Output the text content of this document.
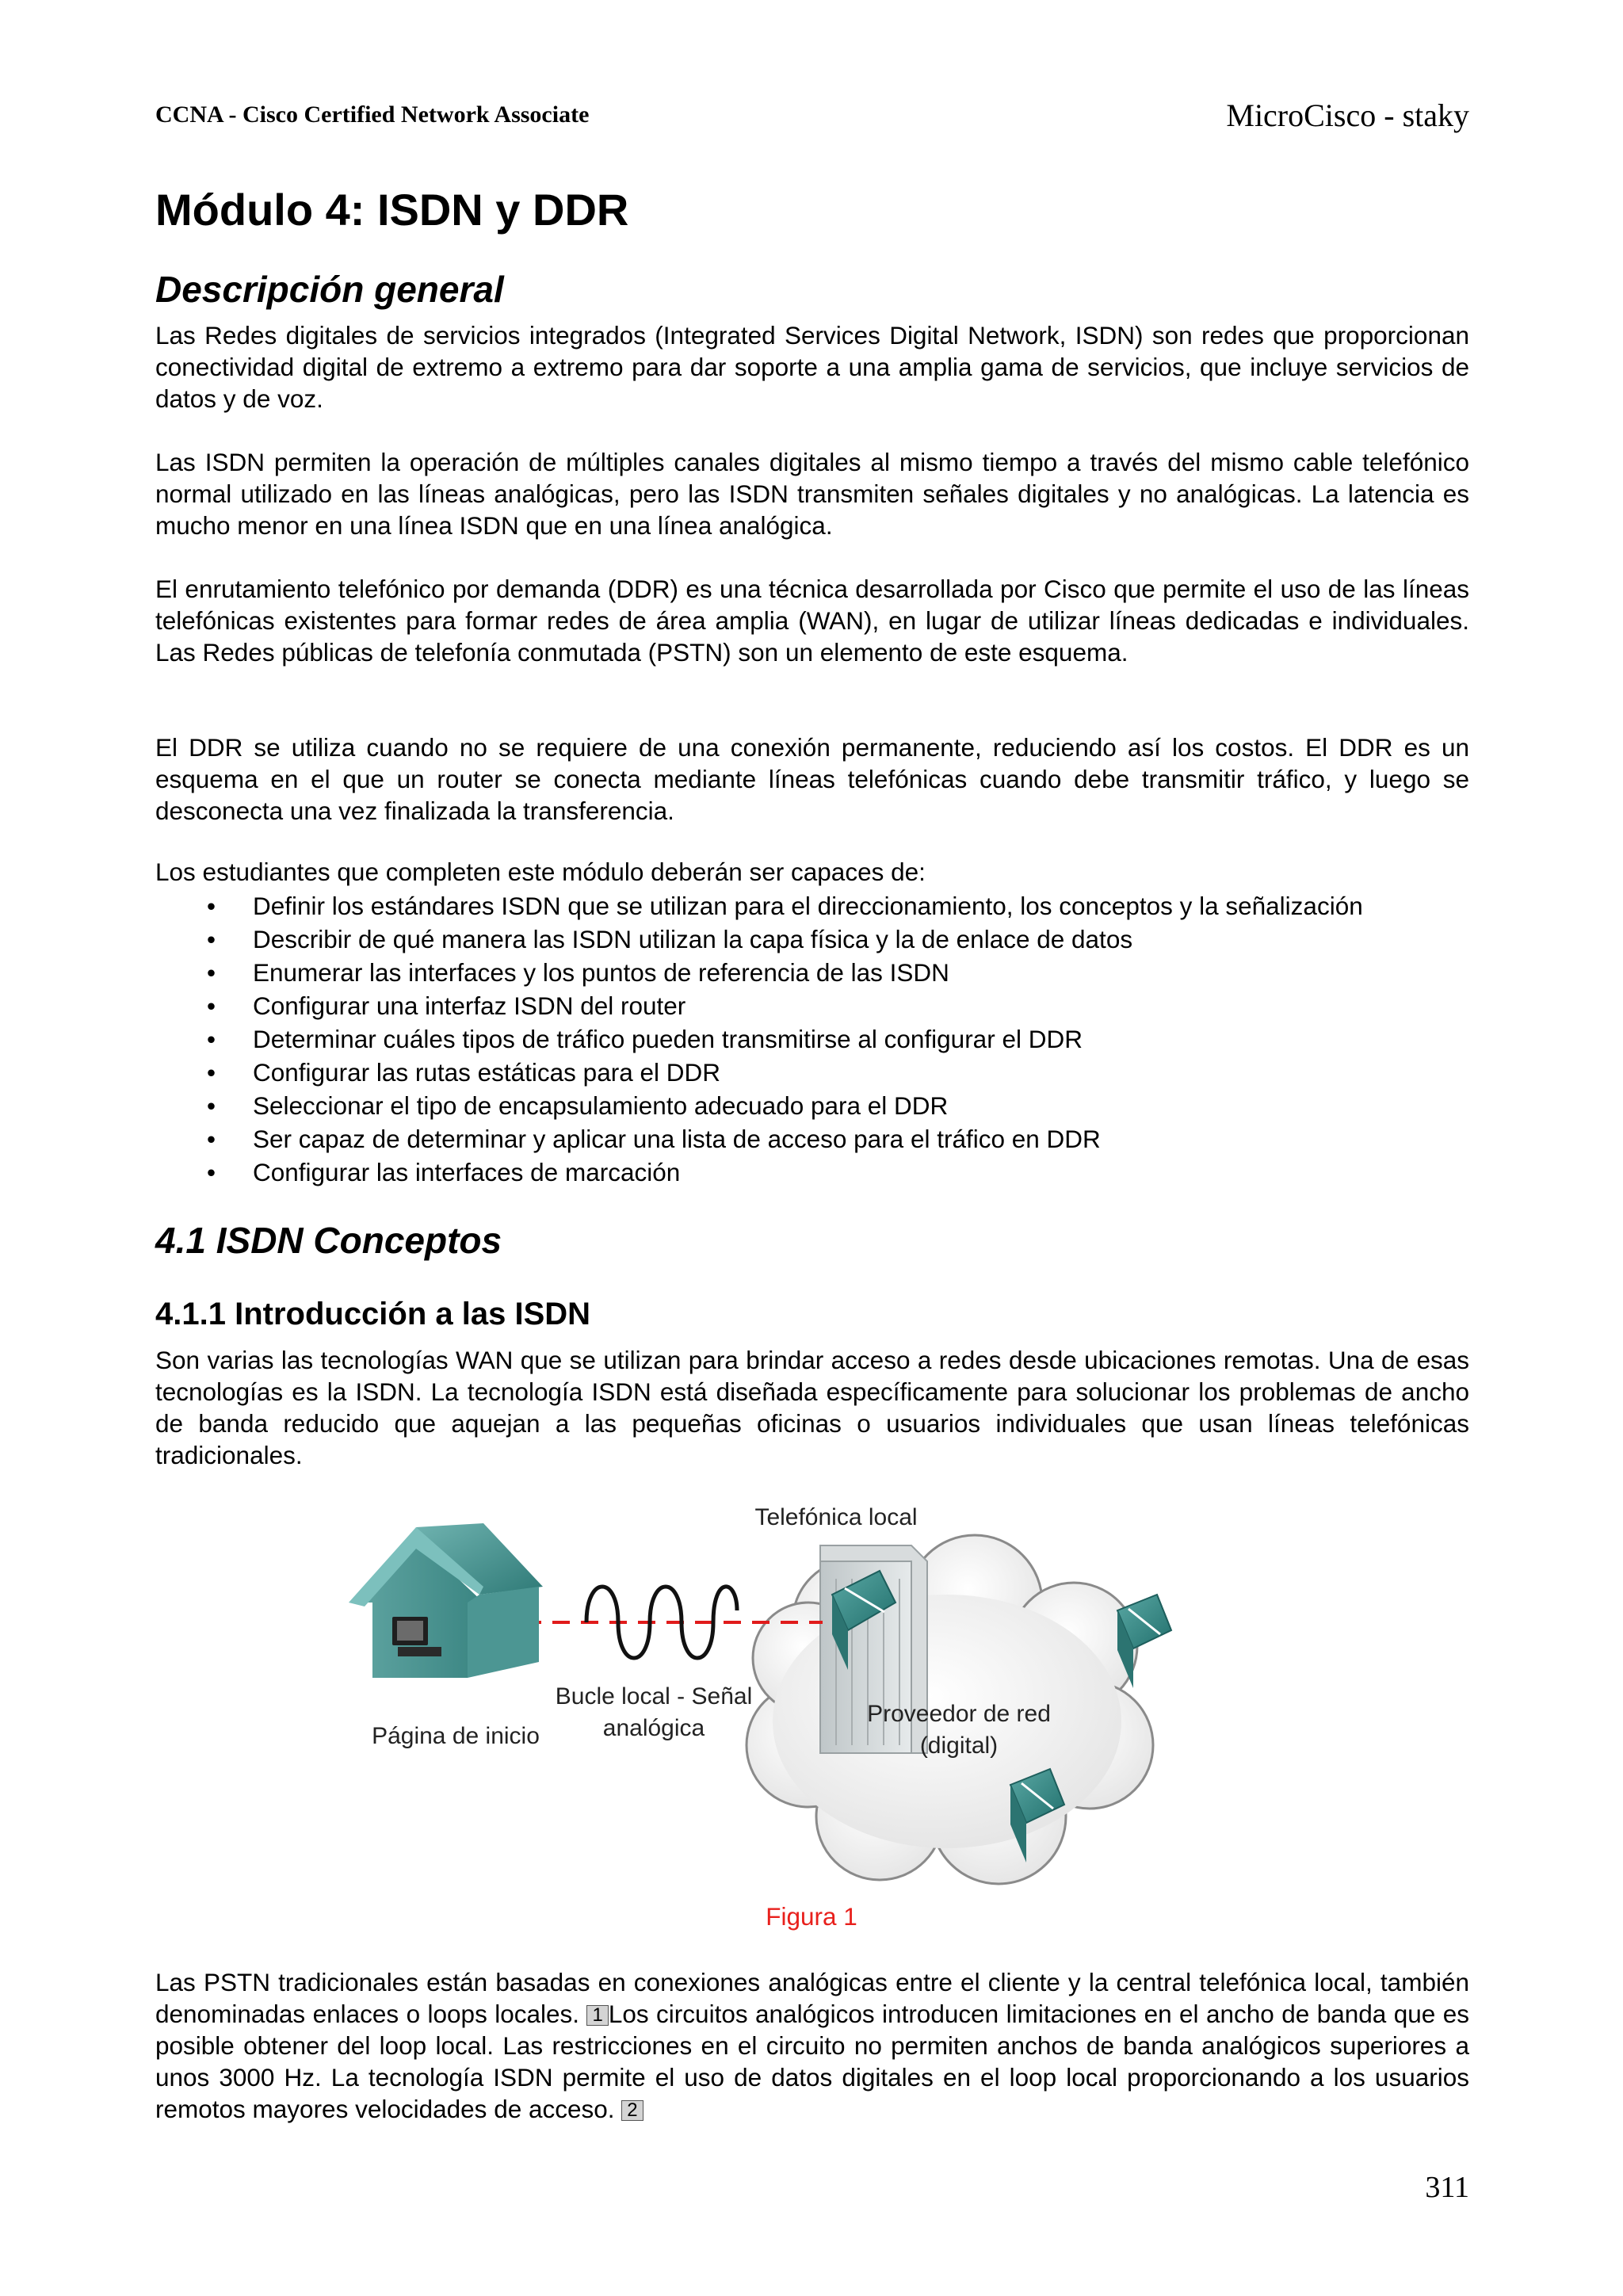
CCNA - Cisco Certified Network Associate	MicroCisco - staky
Módulo 4: ISDN y DDR
Descripción general

Las Redes digitales de servicios integrados (Integrated Services Digital Network, ISDN) son redes que proporcionan conectividad digital de extremo a extremo para dar soporte a una amplia gama de servicios, que incluye servicios de datos y de voz.

Las ISDN permiten la operación de múltiples canales digitales al mismo tiempo a través del mismo cable telefónico normal utilizado en las líneas analógicas, pero las ISDN transmiten señales digitales y no analógicas. La latencia es mucho menor en una línea ISDN que en una línea analógica.

El enrutamiento telefónico por demanda (DDR) es una técnica desarrollada por Cisco que permite el uso de las líneas telefónicas existentes para formar redes de área amplia (WAN), en lugar de utilizar líneas dedicadas e individuales. Las Redes públicas de telefonía conmutada (PSTN) son un elemento de este esquema.

El DDR se utiliza cuando no se requiere de una conexión permanente, reduciendo así los costos. El DDR es un esquema en el que un router se conecta mediante líneas telefónicas cuando debe transmitir tráfico, y luego se desconecta una vez finalizada la transferencia.

Los estudiantes que completen este módulo deberán ser capaces de:

• Definir los estándares ISDN que se utilizan para el direccionamiento, los conceptos y la señalización
• Describir de qué manera las ISDN utilizan la capa física y la de enlace de datos
• Enumerar las interfaces y los puntos de referencia de las ISDN
• Configurar una interfaz ISDN del router
• Determinar cuáles tipos de tráfico pueden transmitirse al configurar el DDR
• Configurar las rutas estáticas para el DDR
• Seleccionar el tipo de encapsulamiento adecuado para el DDR
• Ser capaz de determinar y aplicar una lista de acceso para el tráfico en DDR
• Configurar las interfaces de marcación
4.1 ISDN Conceptos
4.1.1 Introducción a las ISDN

Son varias las tecnologías WAN que se utilizan para brindar acceso a redes desde ubicaciones remotas. Una de esas tecnologías es la ISDN. La tecnología ISDN está diseñada específicamente para solucionar los problemas de ancho de banda reducido que aquejan a las pequeñas oficinas o usuarios individuales que usan líneas telefónicas tradicionales.

Telefónica local
Página de inicio
Bucle local - Señal
analógica
Proveedor de red
(digital)
Figura 1

Las PSTN tradicionales están basadas en conexiones analógicas entre el cliente y la central telefónica local, también denominadas enlaces o loops locales. 1 Los circuitos analógicos introducen limitaciones en el ancho de banda que es posible obtener del loop local. Las restricciones en el circuito no permiten anchos de banda analógicos superiores a unos 3000 Hz. La tecnología ISDN permite el uso de datos digitales en el loop local proporcionando a los usuarios remotos mayores velocidades de acceso. 2

311
